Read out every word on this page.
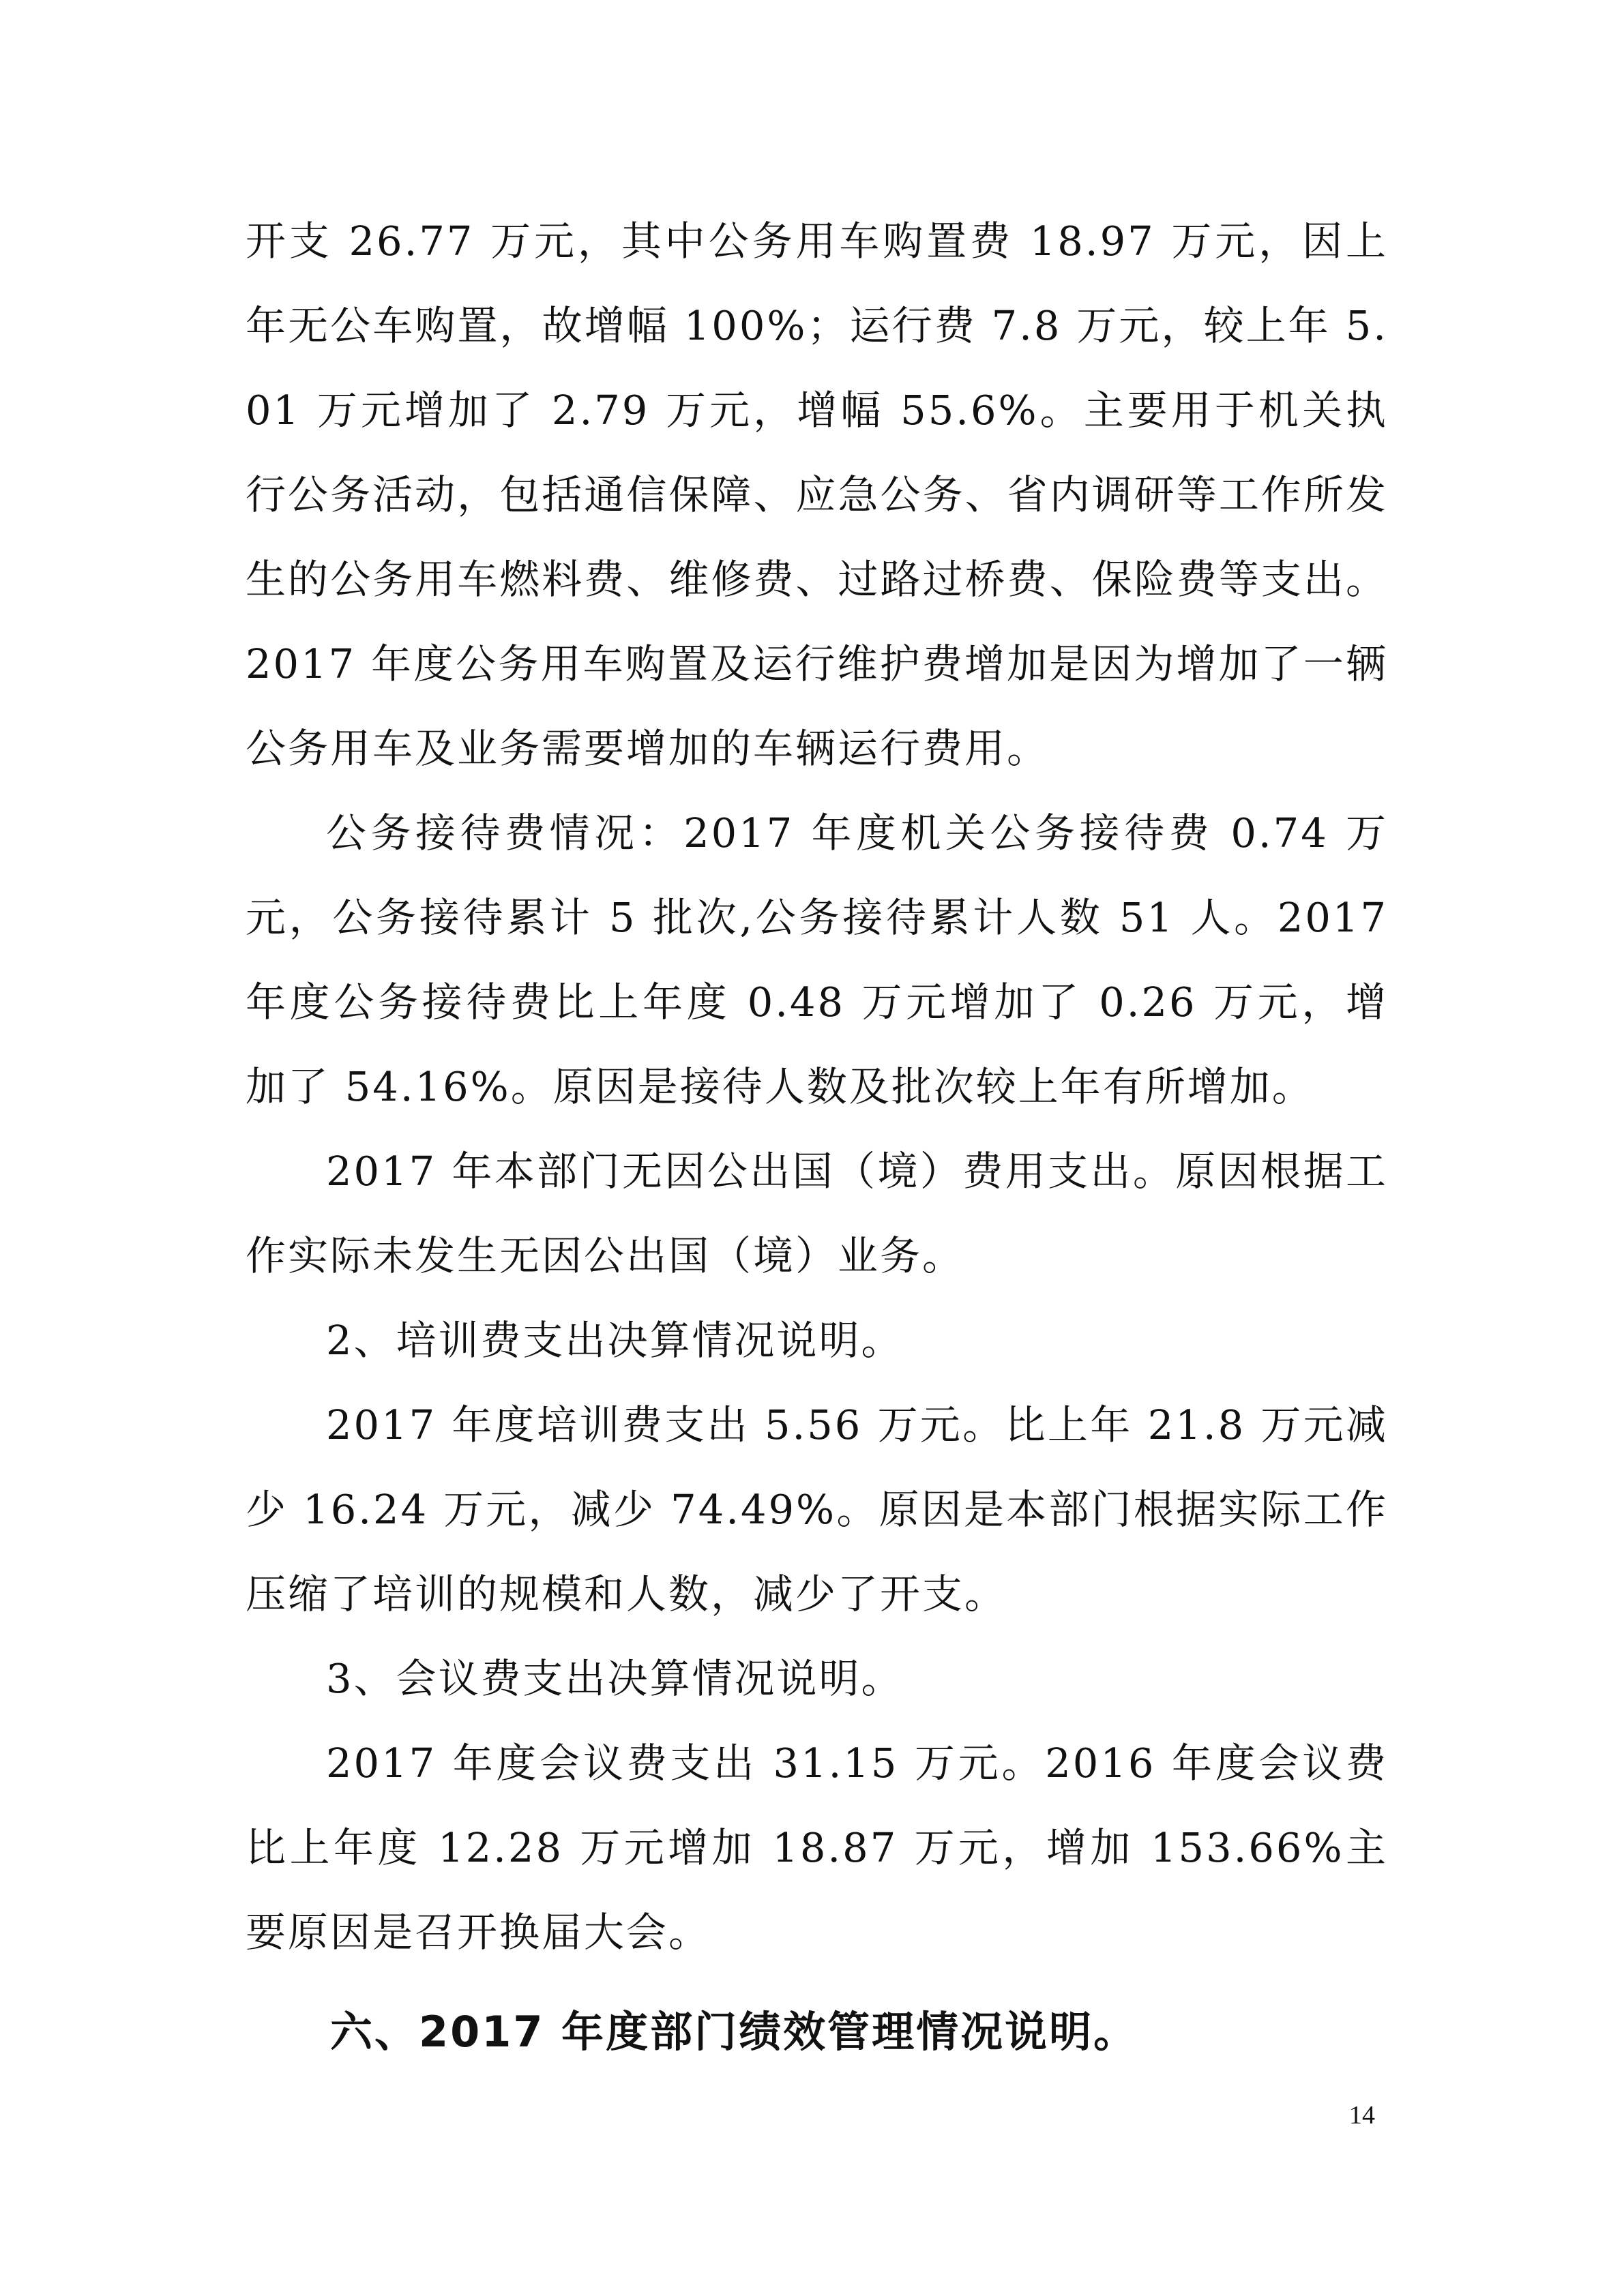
开支 26.77 万元，其中公务用车购置费 18.97 万元，因上年无公车购置，故增幅 100%；运行费 7.8 万元，较上年 5.01 万元增加了 2.79 万元，增幅 55.6%。主要用于机关执行公务活动，包括通信保障、应急公务、省内调研等工作所发生的公务用车燃料费、维修费、过路过桥费、保险费等支出。2017 年度公务用车购置及运行维护费增加是因为增加了一辆公务用车及业务需要增加的车辆运行费用。

公务接待费情况：2017 年度机关公务接待费 0.74 万元，公务接待累计 5 批次,公务接待累计人数 51 人。2017 年度公务接待费比上年度 0.48 万元增加了 0.26 万元，增加了 54.16%。原因是接待人数及批次较上年有所增加。

2017 年本部门无因公出国（境）费用支出。原因根据工作实际未发生无因公出国（境）业务。

2、培训费支出决算情况说明。

2017 年度培训费支出 5.56 万元。比上年 21.8 万元减少 16.24 万元，减少 74.49%。原因是本部门根据实际工作压缩了培训的规模和人数，减少了开支。

3、会议费支出决算情况说明。

2017 年度会议费支出 31.15 万元。2016 年度会议费比上年度 12.28 万元增加 18.87 万元，增加 153.66%主要原因是召开换届大会。

六、2017 年度部门绩效管理情况说明。

14
